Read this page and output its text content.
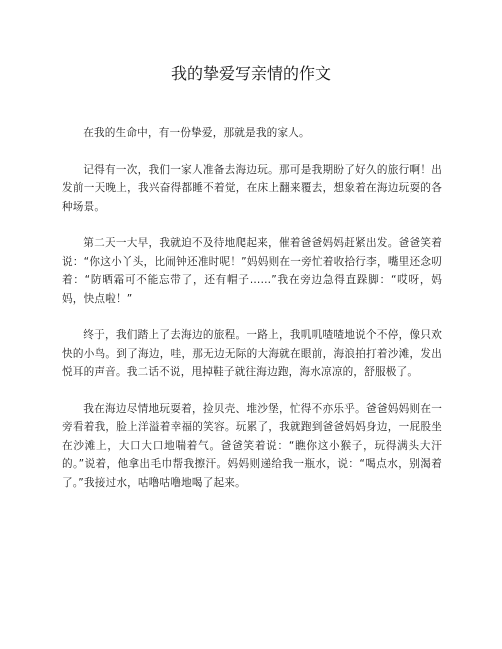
我的挚爱写亲情的作文

在我的生命中，有一份挚爱，那就是我的家人。

记得有一次，我们一家人准备去海边玩。那可是我期盼了好久的旅行啊！出发前一天晚上，我兴奋得都睡不着觉，在床上翻来覆去，想象着在海边玩耍的各种场景。

第二天一大早，我就迫不及待地爬起来，催着爸爸妈妈赶紧出发。爸爸笑着说：“你这小丫头，比闹钟还准时呢！”妈妈则在一旁忙着收拾行李，嘴里还念叨着：“防晒霜可不能忘带了，还有帽子……”我在旁边急得直跺脚：“哎呀，妈妈，快点啦！”

终于，我们踏上了去海边的旅程。一路上，我叽叽喳喳地说个不停，像只欢快的小鸟。到了海边，哇，那无边无际的大海就在眼前，海浪拍打着沙滩，发出悦耳的声音。我二话不说，甩掉鞋子就往海边跑，海水凉凉的，舒服极了。

我在海边尽情地玩耍着，捡贝壳、堆沙堡，忙得不亦乐乎。爸爸妈妈则在一旁看着我，脸上洋溢着幸福的笑容。玩累了，我就跑到爸爸妈妈身边，一屁股坐在沙滩上，大口大口地喘着气。爸爸笑着说：“瞧你这小猴子，玩得满头大汗的。”说着，他拿出毛巾帮我擦汗。妈妈则递给我一瓶水，说：“喝点水，别渴着了。”我接过水，咕噜咕噜地喝了起来。
